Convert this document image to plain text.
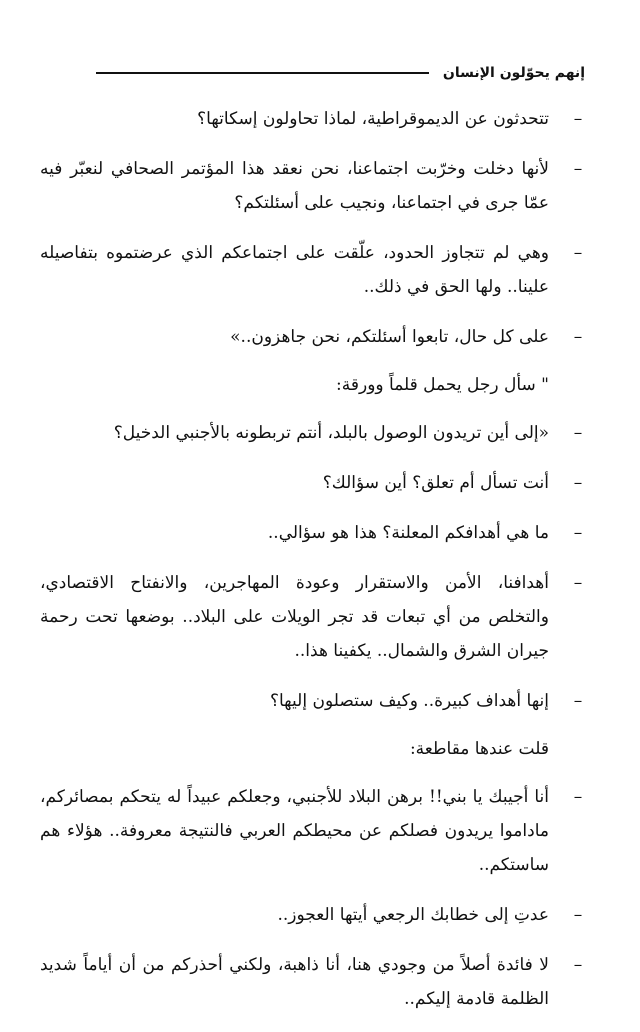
إنهم يحوّلون الإنسان

–
تتحدثون عن الديموقراطية، لماذا تحاولون إسكاتها؟

–
لأنها دخلت وخرّبت اجتماعنا، نحن نعقد هذا المؤتمر الصحافي لنعبّر فيه عمّا جرى في اجتماعنا، ونجيب على أسئلتكم؟

–
وهي لم تتجاوز الحدود، علّقت على اجتماعكم الذي عرضتموه بتفاصيله علينا.. ولها الحق في ذلك..

–
على كل حال، تابعوا أسئلتكم، نحن جاهزون..»

" سأل رجل يحمل قلماً وورقة:

–
«إلى أين تريدون الوصول بالبلد، أنتم تربطونه بالأجنبي الدخيل؟

–
أنت تسأل أم تعلق؟ أين سؤالك؟

–
ما هي أهدافكم المعلنة؟ هذا هو سؤالي..

–
أهدافنا، الأمن والاستقرار وعودة المهاجرين، والانفتاح الاقتصادي، والتخلص من أي تبعات قد تجر الويلات على البلاد.. بوضعها تحت رحمة جيران الشرق والشمال.. يكفينا هذا..

–
إنها أهداف كبيرة.. وكيف ستصلون إليها؟

قلت عندها مقاطعة:

–
أنا أجيبك يا بني!! برهن البلاد للأجنبي، وجعلكم عبيداً له يتحكم بمصائركم، ماداموا يريدون فصلكم عن محيطكم العربي فالنتيجة معروفة.. هؤلاء هم ساستكم..

–
عدتِ إلى خطابك الرجعي أيتها العجوز..

–
لا فائدة أصلاً من وجودي هنا، أنا ذاهبة، ولكني أحذركم من أن أياماً شديد الظلمة قادمة إليكم..
